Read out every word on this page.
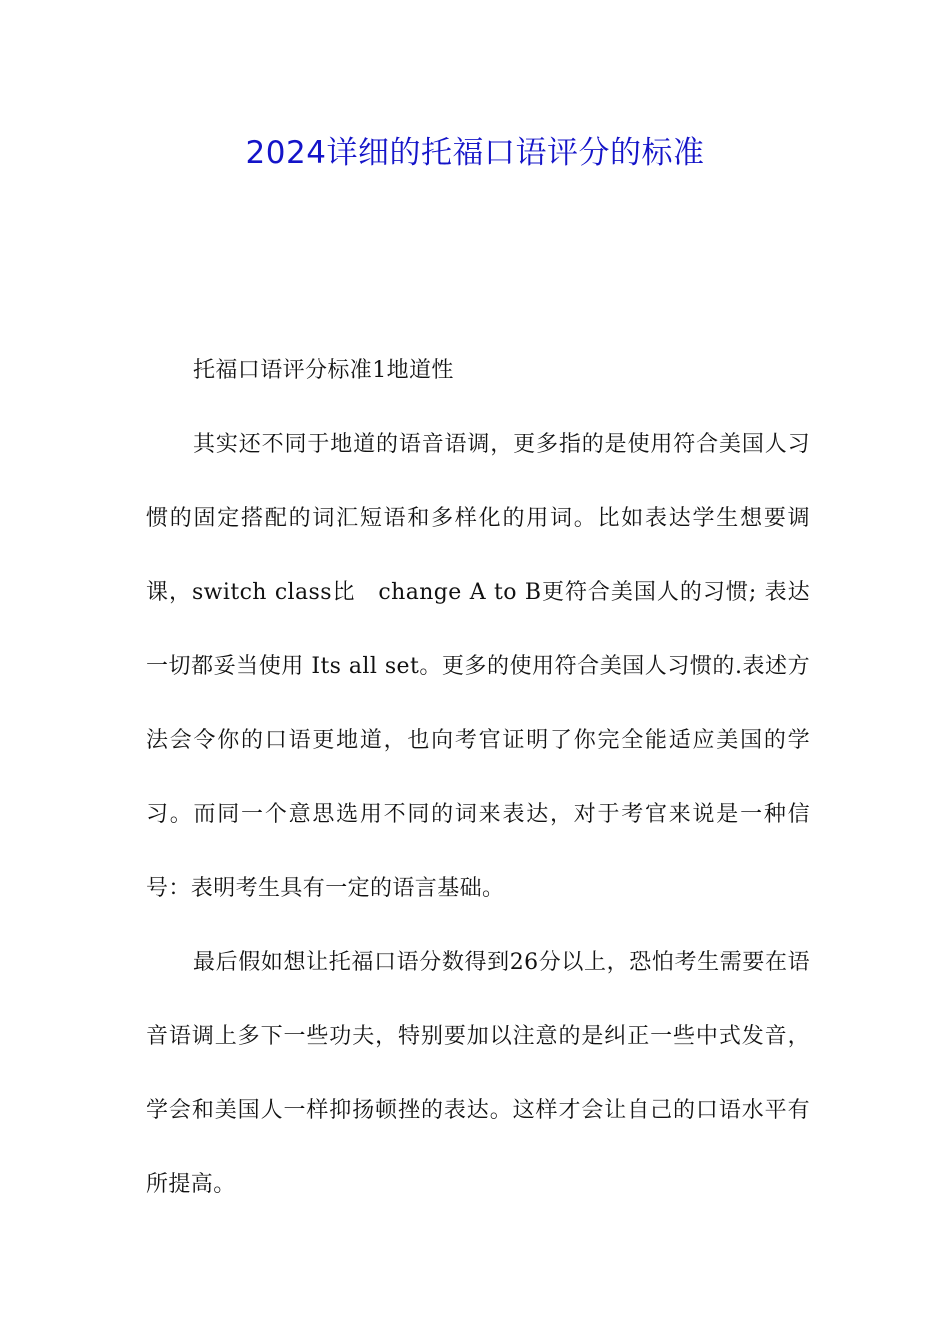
2024详细的托福口语评分的标准

托福口语评分标准1地道性

其实还不同于地道的语音语调，更多指的是使用符合美国人习惯的固定搭配的词汇短语和多样化的用词。比如表达学生想要调课，switch class比　change A to B更符合美国人的习惯; 表达一切都妥当使用 Its all set。更多的使用符合美国人习惯的.表述方法会令你的口语更地道，也向考官证明了你完全能适应美国的学习。而同一个意思选用不同的词来表达，对于考官来说是一种信号：表明考生具有一定的语言基础。

最后假如想让托福口语分数得到26分以上，恐怕考生需要在语音语调上多下一些功夫，特别要加以注意的是纠正一些中式发音，学会和美国人一样抑扬顿挫的表达。这样才会让自己的口语水平有所提高。
